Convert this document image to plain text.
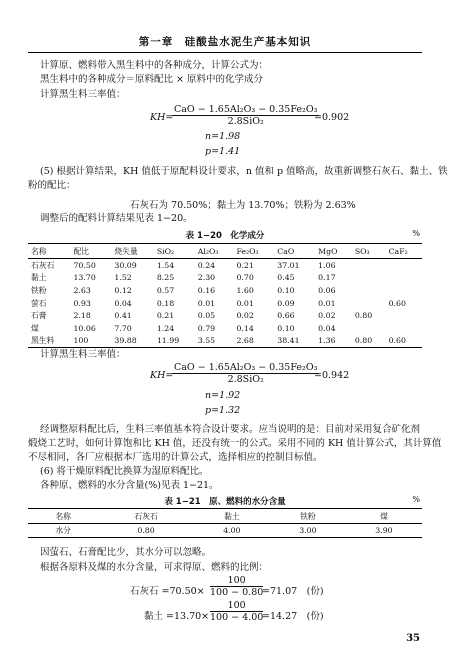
第一章　硅酸盐水泥生产基本知识
计算原、燃料带入黑生料中的各种成分，计算公式为：
黑生料中的各种成分＝原料配比 × 原料中的化学成分
计算黑生料三率值：
KH=
CaO − 1.65Al₂O₃ − 0.35Fe₂O₃
2.8SiO₂	=0.902
n=1.98
p=1.41
(5) 根据计算结果，KH 值低于原配料设计要求，n 值和 p 值略高，故重新调整石灰石、黏土、铁
粉的配比：
石灰石为 70.50%；黏土为 13.70%；铁粉为 2.63%
调整后的配料计算结果见表 1−20。
表 1−20　化学成分	%
名称	配比	烧失量	SiO₂	Al₂O₃	Fe₂O₃	CaO	MgO	SO₃	CaF₂
石灰石	70.50	30.09	1.54	0.24	0.21	37.01	1.06		
黏土	13.70	1.52	8.25	2.30	0.70	0.45	0.17		
铁粉	2.63	0.12	0.57	0.16	1.60	0.10	0.06		
萤石	0.93	0.04	0.18	0.01	0.01	0.09	0.01		0.60
石膏	2.18	0.41	0.21	0.05	0.02	0.66	0.02	0.80	
煤	10.06	7.70	1.24	0.79	0.14	0.10	0.04		
黑生料	100	39.88	11.99	3.55	2.68	38.41	1.36	0.80	0.60
计算黑生料三率值：
KH=
CaO − 1.65Al₂O₃ − 0.35Fe₂O₃
2.8SiO₂	=0.942
n=1.92
p=1.32
经调整原料配比后，生料三率值基本符合设计要求。应当说明的是：目前对采用复合矿化剂
煅烧工艺时，如何计算饱和比 KH 值，还没有统一的公式。采用不同的 KH 值计算公式，其计算值
不尽相同，各厂应根据本厂选用的计算公式，选择相应的控制目标值。
(6) 将干燥原料配比换算为湿原料配比。
各种原、燃料的水分含量(%)见表 1−21。
表 1−21　原、燃料的水分含量	%
名称	石灰石	黏土	铁粉	煤
水分	0.80	4.00	3.00	3.90
因萤石、石膏配比少，其水分可以忽略。
根据各原料及煤的水分含量，可求得原、燃料的比例：
石灰石 $=70.50\times \frac{100}{100 - 0.80}$
=71.07　(份)
黏土 $=13.70\times \frac{100}{100 - 4.00}$
=14.27　(份)
35
